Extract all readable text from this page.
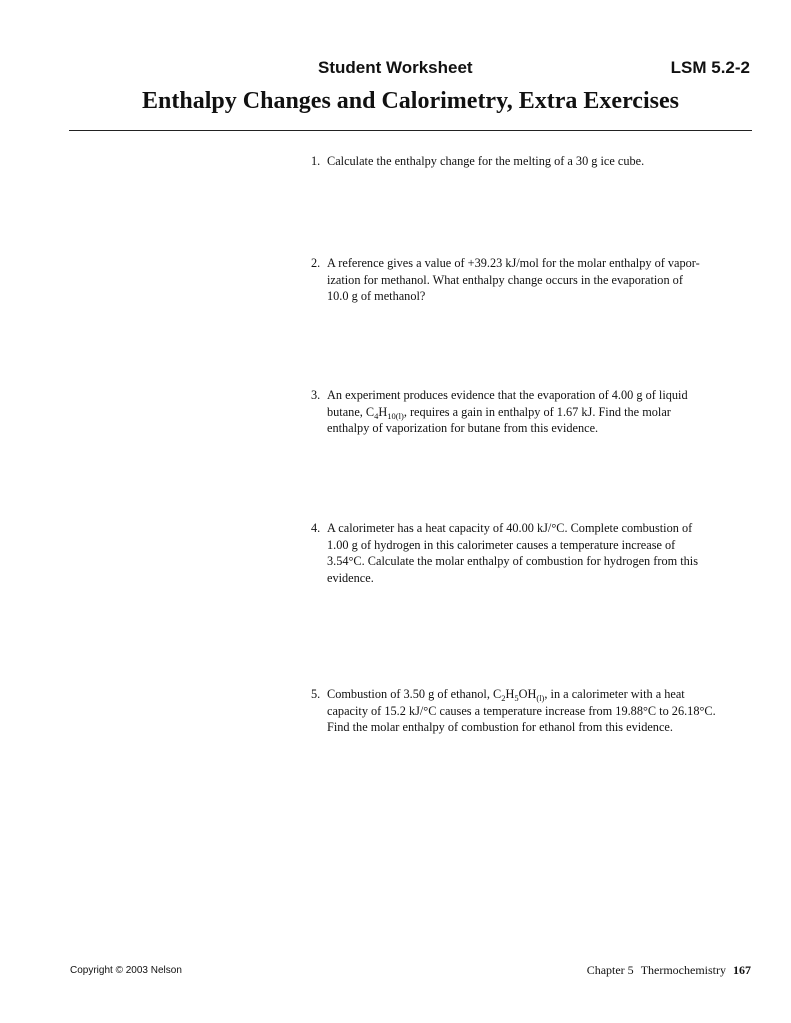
Student Worksheet	LSM 5.2-2
Enthalpy Changes and Calorimetry, Extra Exercises
1. Calculate the enthalpy change for the melting of a 30 g ice cube.
2. A reference gives a value of +39.23 kJ/mol for the molar enthalpy of vapor-
ization for methanol. What enthalpy change occurs in the evaporation of
10.0 g of methanol?
3. An experiment produces evidence that the evaporation of 4.00 g of liquid
butane, $C_4H_{10(l)}$, requires a gain in enthalpy of 1.67 kJ. Find the molar
enthalpy of vaporization for butane from this evidence.
4. A calorimeter has a heat capacity of 40.00 kJ/°C. Complete combustion of
1.00 g of hydrogen in this calorimeter causes a temperature increase of
3.54°C. Calculate the molar enthalpy of combustion for hydrogen from this
evidence.
5. Combustion of 3.50 g of ethanol, $C_2H_5OH_{(l)}$, in a calorimeter with a heat
capacity of 15.2 kJ/°C causes a temperature increase from 19.88°C to 26.18°C.
Find the molar enthalpy of combustion for ethanol from this evidence.
Copyright © 2003 Nelson	Chapter 5 Thermochemistry 167
